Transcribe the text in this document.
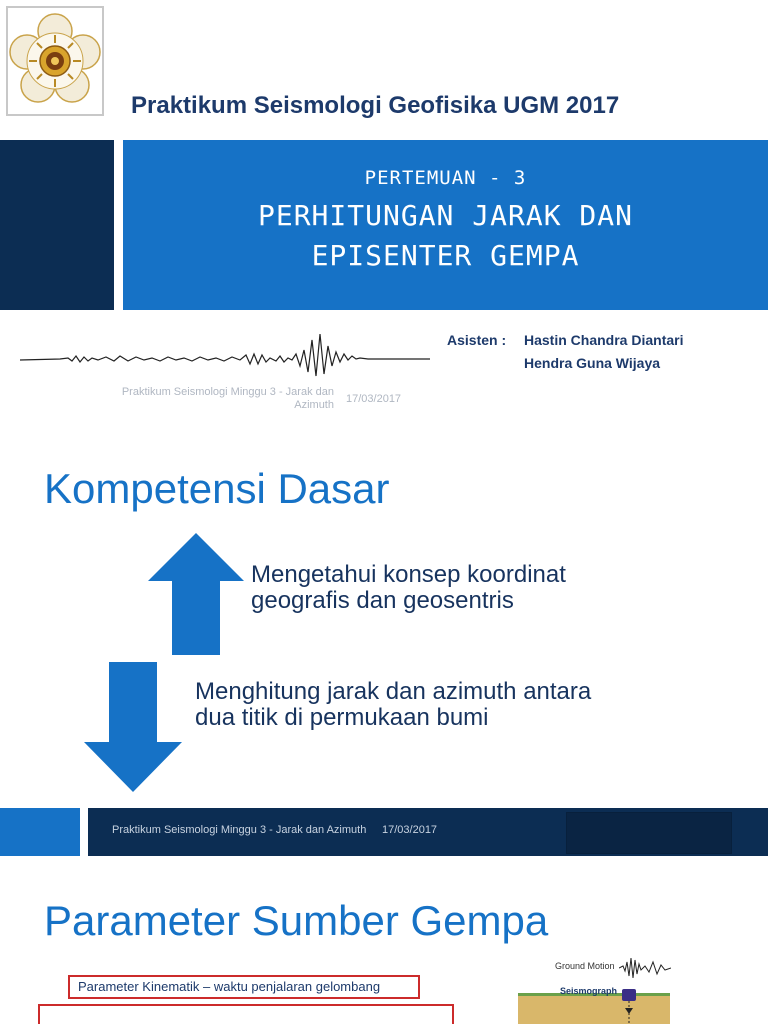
Praktikum Seismologi Geofisika UGM 2017
PERTEMUAN - 3
PERHITUNGAN JARAK DAN
EPISENTER GEMPA
Asisten : Hastin Chandra Diantari
Hendra Guna Wijaya
Praktikum Seismologi Minggu 3 - Jarak dan Azimuth 17/03/2017
Kompetensi Dasar
Mengetahui konsep koordinat geografis dan geosentris
Menghitung jarak dan azimuth antara dua titik di permukaan bumi
Praktikum Seismologi Minggu 3 - Jarak dan Azimuth 17/03/2017
Parameter Sumber Gempa
Parameter Kinematik – waktu penjalaran gelombang
Ground Motion
Seismograph
